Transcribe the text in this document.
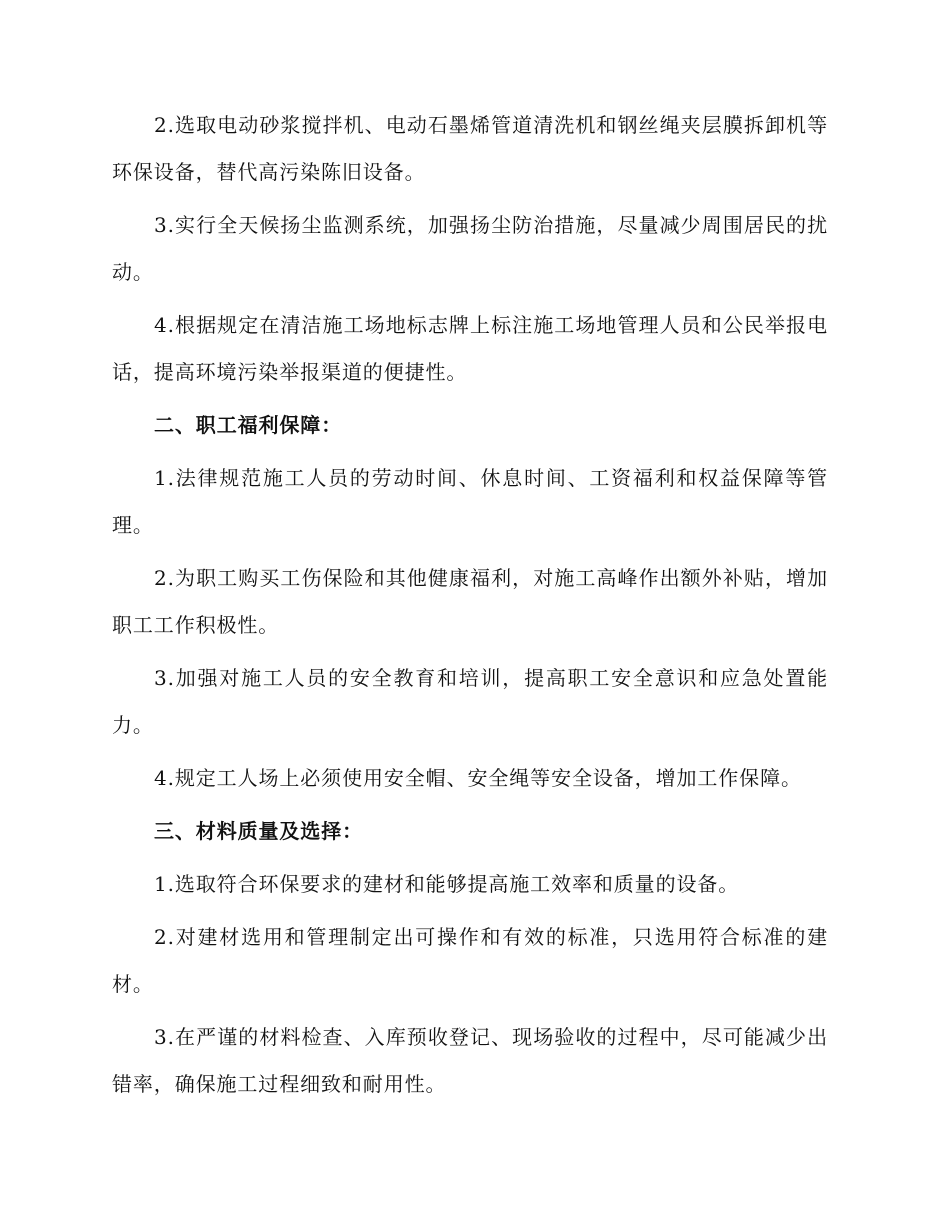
2.选取电动砂浆搅拌机、电动石墨烯管道清洗机和钢丝绳夹层膜拆卸机等环保设备，替代高污染陈旧设备。

3.实行全天候扬尘监测系统，加强扬尘防治措施，尽量减少周围居民的扰动。

4.根据规定在清洁施工场地标志牌上标注施工场地管理人员和公民举报电话，提高环境污染举报渠道的便捷性。

二、职工福利保障：

1.法律规范施工人员的劳动时间、休息时间、工资福利和权益保障等管理。

2.为职工购买工伤保险和其他健康福利，对施工高峰作出额外补贴，增加职工工作积极性。

3.加强对施工人员的安全教育和培训，提高职工安全意识和应急处置能力。

4.规定工人场上必须使用安全帽、安全绳等安全设备，增加工作保障。

三、材料质量及选择：

1.选取符合环保要求的建材和能够提高施工效率和质量的设备。

2.对建材选用和管理制定出可操作和有效的标准，只选用符合标准的建材。

3.在严谨的材料检查、入库预收登记、现场验收的过程中，尽可能减少出错率，确保施工过程细致和耐用性。
